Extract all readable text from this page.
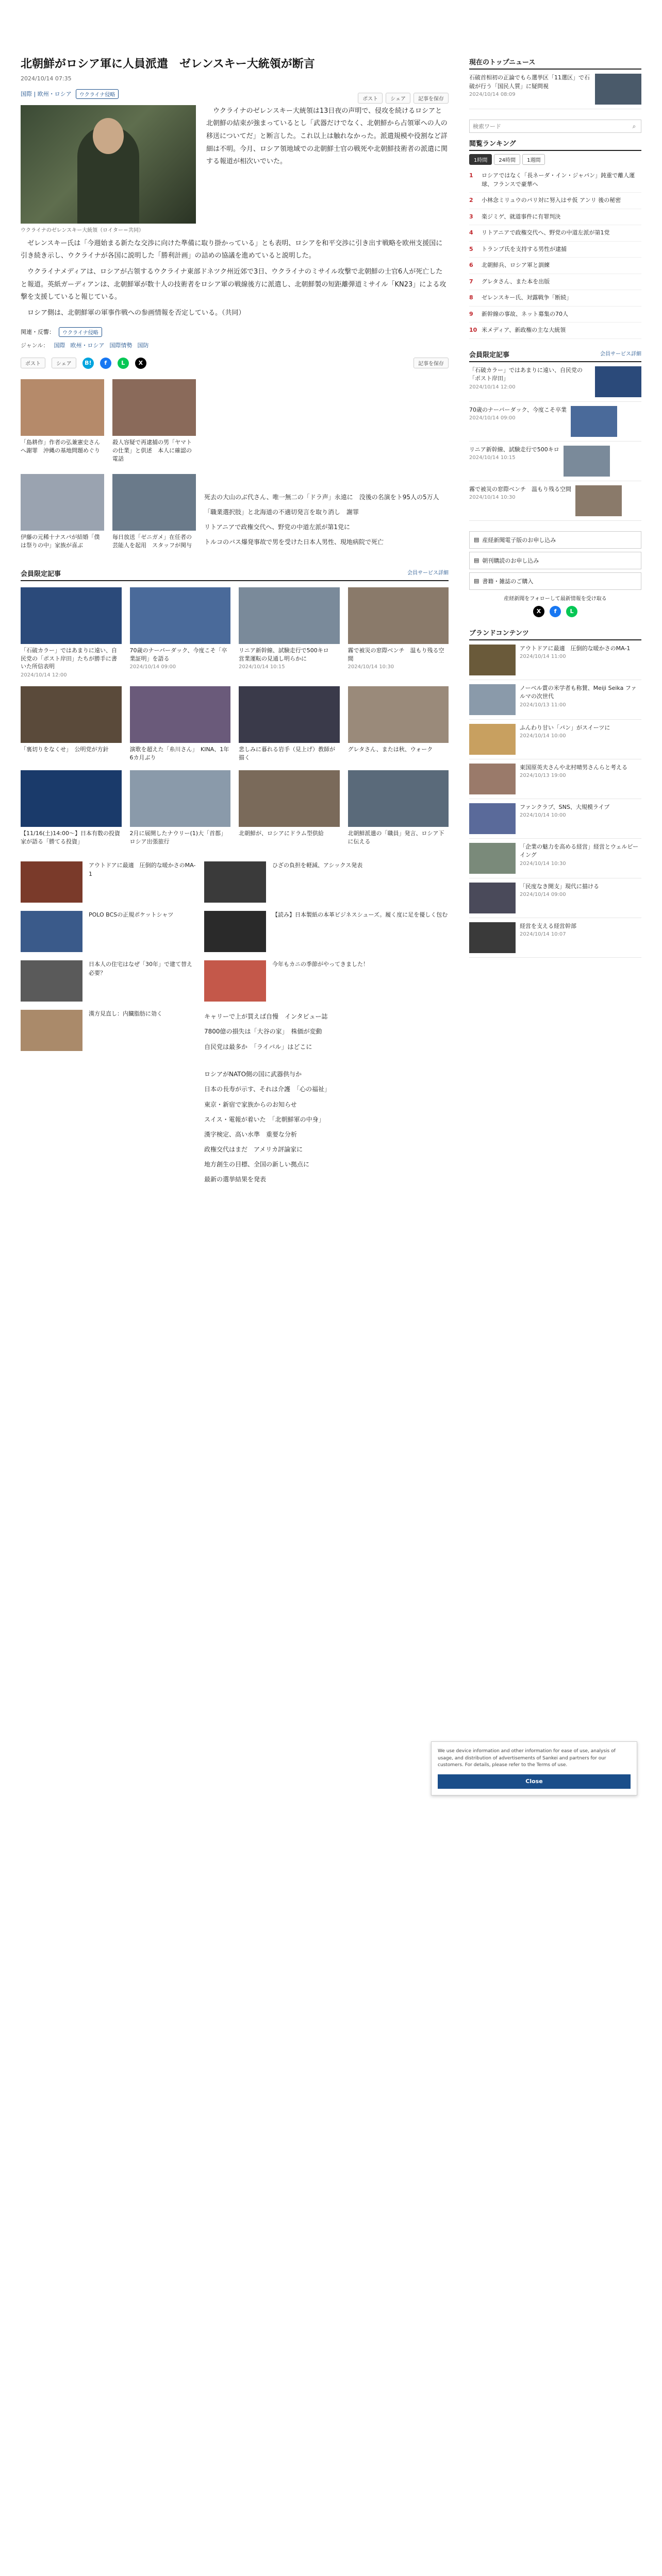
北朝鮮がロシア軍に人員派遣　ゼレンスキー大統領が断言
2024/10/14 07:35
ポスト	シェア	記事を保存
国際 | 欧州・ロシア	ウクライナ侵略
ウクライナのゼレンスキー大統領（ロイター＝共同）

ウクライナのゼレンスキー大統領は13日夜の声明で、侵攻を続けるロシアと北朝鮮の結束が強まっているとし「武器だけでなく、北朝鮮から占領軍への人の移送についてだ」と断言した。これ以上は触れなかった。派遣規模や役割など詳細は不明。今月、ロシア領地域での北朝鮮士官の戦死や北朝鮮技術者の派遣に関する報道が相次いでいた。

ゼレンスキー氏は「今週始まる新たな交渉に向けた準備に取り掛かっている」とも表明、ロシアを和平交渉に引き出す戦略を欧州支援国に引き続き示し、ウクライナが各国に説明した「勝利計画」の詰めの協議を進めていると説明した。

ウクライナメディアは、ロシアが占領するウクライナ東部ドネツク州近郊で3日、ウクライナのミサイル攻撃で北朝鮮の士官6人が死亡したと報道。英紙ガーディアンは、北朝鮮軍が数十人の技術者をロシア軍の戦線後方に派遣し、北朝鮮製の短距離弾道ミサイル「KN23」による攻撃を支援していると報じている。

ロシア側は、北朝鮮軍の軍事作戦への参画情報を否定している。（共同）

関連・反響：	ウクライナ侵略
ジャンル： 国際 欧州・ロシア 国際情勢 国防
ポスト	シェア	B!	f	L	X	記事を保存
「島耕作」作者の弘兼憲史さんへ謝罪　沖縄の基地問題めぐり
殺人容疑で再逮捕の男「ヤマトの仕業」と供述　本人に確認の電話
伊藤の元稀十ナスパが結婚「僕は祭りの中」家族が喜ぶ
毎日放送「ゼニガメ」在任者の芸能人を起用　スタッフが関与
死去の大山のぶ代さん、唯一無二の「ドラ声」永遠に　没後の名演をト95人の5万人
「職業選択肢」と北海道の不適切発言を取り消し　謝罪
リトアニアで政権交代へ、野党の中道左派が第1党に
トルコのバス爆発事故で男を受けた日本人男性、現地病院で死亡
会員限定記事	会員サービス詳細
「石破カラー」ではあまりに遠い、自民党の「ポスト岸田」たちが勝手に書いた所信表明
2024/10/14 12:00
70歳のナーバーダック、今度こそ「卒業証明」を語る
2024/10/14 09:00
リニア新幹線、試験走行で500キロ　営業運転の見通し明らかに
2024/10/14 10:15
霧で被災の窓際ベンチ　温もり残る空間
2024/10/14 10:30
「裏切りをなくせ」　公明党が方針	演歌を超えた「糸川さん」　KINA、1年6カ月ぶり
悲しみに暮れる岩手（見上げ）教師が描く
グレタさん、または秋、ウォーク
【11/16(土)14:00〜】日本有数の投資家が語る「勝てる投資」
2月に展開したナウリー(1)大「首都」ロシア出張旅行
北朝鮮が、ロシアにドラム型供給	北朝鮮派遣の「職員」発言、ロシア下に伝える
アウトドアに最適　圧倒的な暖かさのMA-1
POLO BCSの正規ポケットシャツ
日本人の住宅はなぜ「30年」で建て替え必要？
漢方見直し：内臓脂肪に効く
ひざの負担を軽減、アシックス発表
【読み】日本製紙の本革ビジネスシューズ。履く度に足を優しく包む
今年もカニの季節がやってきました！
キャリーで上が買えば自慢　インタビュー誌
7800億の損失は「大谷の家」　株価が変動
自民党は最多か　「ライバル」はどこに
ロシアがNATO側の国に武器供与か
日本の長寿が示す、それは介護　「心の福祉」
東京・新宿で家族からのお知らせ
スイス・電報が着いた　「北朝鮮軍の中身」
漢字検定、高い水準　重要な分析
政権交代はまだ　アメリカ評論家に
地方創生の目標、全国の新しい拠点に
最新の選挙結果を発表
現在のトップニュース
石破首相初の正論でもら選挙区「11選区」で石破が行う「国民人質」に疑問視
2024/10/14 08:09
検索ワード
⌕
閲覧ランキング
1時間	24時間	1週間
1	ロシアではなく「長ネーダ・イン・ジャパン」鈍重で離人運球、フランスで豪華へ
2	小林念ミリュウのパリ対に努入はサ仮 アンリ 後の秘密
3	楽ジミゲ、就道事件に有罪判決
4	リトアニアで政権交代へ、野党の中道左派が第1党
5	トランプ氏を支持する男性が逮捕
6	北朝鮮兵、ロシア軍と訓練
7	グレタさん、また本を出版
8	ゼレンスキー氏、対露戦争「断続」
9	新幹線の事故、ネット募集の70人
10 米メディア、新政権の主な大統領
会員限定記事	会員サービス詳細
「石破カラー」ではあまりに遠い、自民党の「ポスト岸田」
2024/10/14 12:00
70歳のナーバーダック、今度こそ卒業
2024/10/14 09:00
リニア新幹線、試験走行で500キロ
2024/10/14 10:15
霧で被災の窓際ベンチ　温もり残る空間
2024/10/14 10:30
▤ 産経新聞電子版のお申し込み
▤ 朝刊購読のお申し込み
▤ 書籍・雑誌のご購入
産経新聞をフォローして最新情報を受け取る
X	f	L
ブランドコンテンツ
アウトドアに最適　圧倒的な暖かさのMA-1
2024/10/14 11:00
ノーベル賞の米学者も称賛、Meiji Seika ファルマの次世代
2024/10/13 11:00
ふんわり甘い「パン」がスイーツに
2024/10/14 10:00
東国原英夫さんや北村晴男さんらと考える
2024/10/13 19:00
ファンクラブ、SNS、大規模ライブ
2024/10/14 10:00
「企業の魅力を高める経営」経営とウェルビーイング
2024/10/14 10:30
「民度なき開支」現代に描ける
2024/10/14 09:00
経営を支える経営幹部
2024/10/14 10:07
We use device information and other information for ease of use, analysis of usage, and distribution of advertisements of Sankei and partners for our customers. For details, please refer to the Terms of use.
Close
